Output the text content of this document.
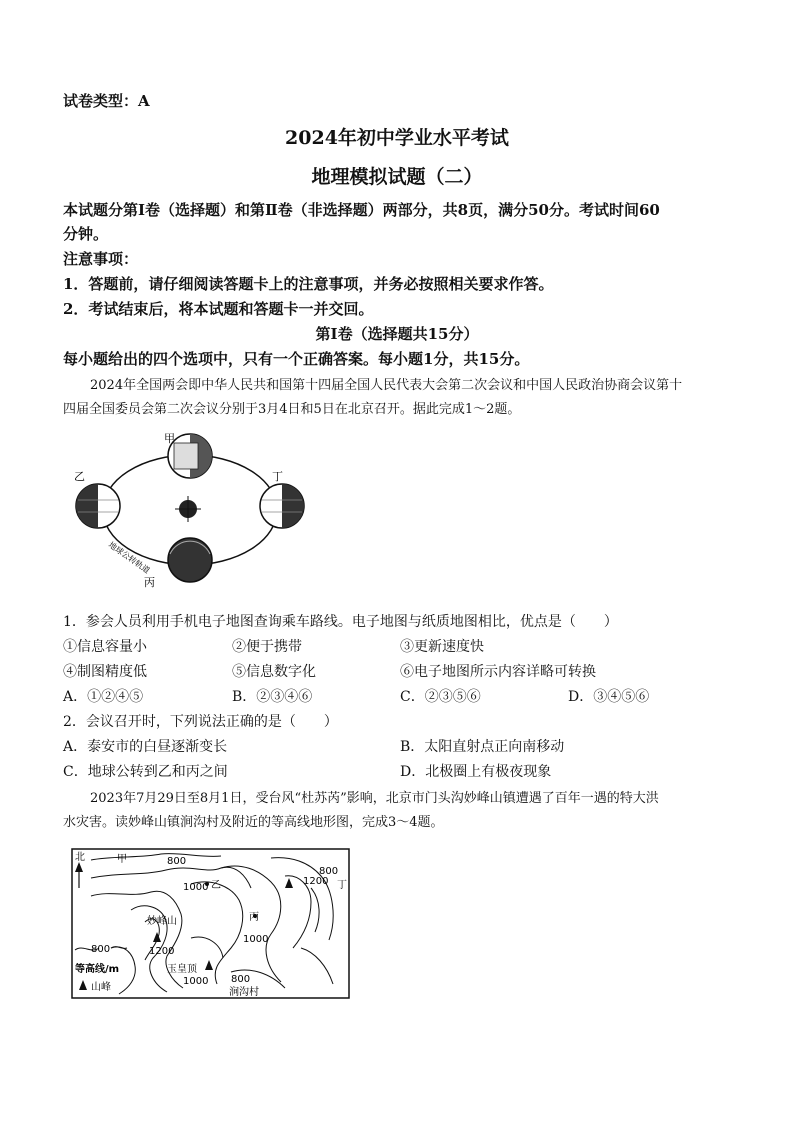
试卷类型：A
2024年初中学业水平考试
地理模拟试题（二）
本试题分第Ⅰ卷（选择题）和第Ⅱ卷（非选择题）两部分，共8页，满分50分。考试时间60
分钟。
注意事项：
1．答题前，请仔细阅读答题卡上的注意事项，并务必按照相关要求作答。
2．考试结束后，将本试题和答题卡一并交回。
第Ⅰ卷（选择题共15分）
每小题给出的四个选项中，只有一个正确答案。每小题1分，共15分。
2024年全国两会即中华人民共和国第十四届全国人民代表大会第二次会议和中国人民政治协商会议第十
四届全国委员会第二次会议分别于3月4日和5日在北京召开。据此完成1～2题。
甲
乙
丙
丁
地球公转轨道
1．参会人员利用手机电子地图查询乘车路线。电子地图与纸质地图相比，优点是（　　）
①信息容量小	②便于携带	③更新速度快
④制图精度低	⑤信息数字化	⑥电子地图所示内容详略可转换
A．①②④⑤	B．②③④⑥	C．②③⑤⑥	D．③④⑤⑥
2．会议召开时，下列说法正确的是（　　）
A．泰安市的白昼逐渐变长	B．太阳直射点正向南移动
C．地球公转到乙和丙之间	D．北极圈上有极夜现象
2023年7月29日至8月1日，受台风“杜苏芮”影响，北京市门头沟妙峰山镇遭遇了百年一遇的特大洪
水灾害。读妙峰山镇涧沟村及附近的等高线地形图，完成3～4题。
北	甲	800
1000 乙	1200
800
丁
妙峰山
1200
丙
1000
玉皇顶
1000 800
涧沟村
800
等高线/m
山峰
